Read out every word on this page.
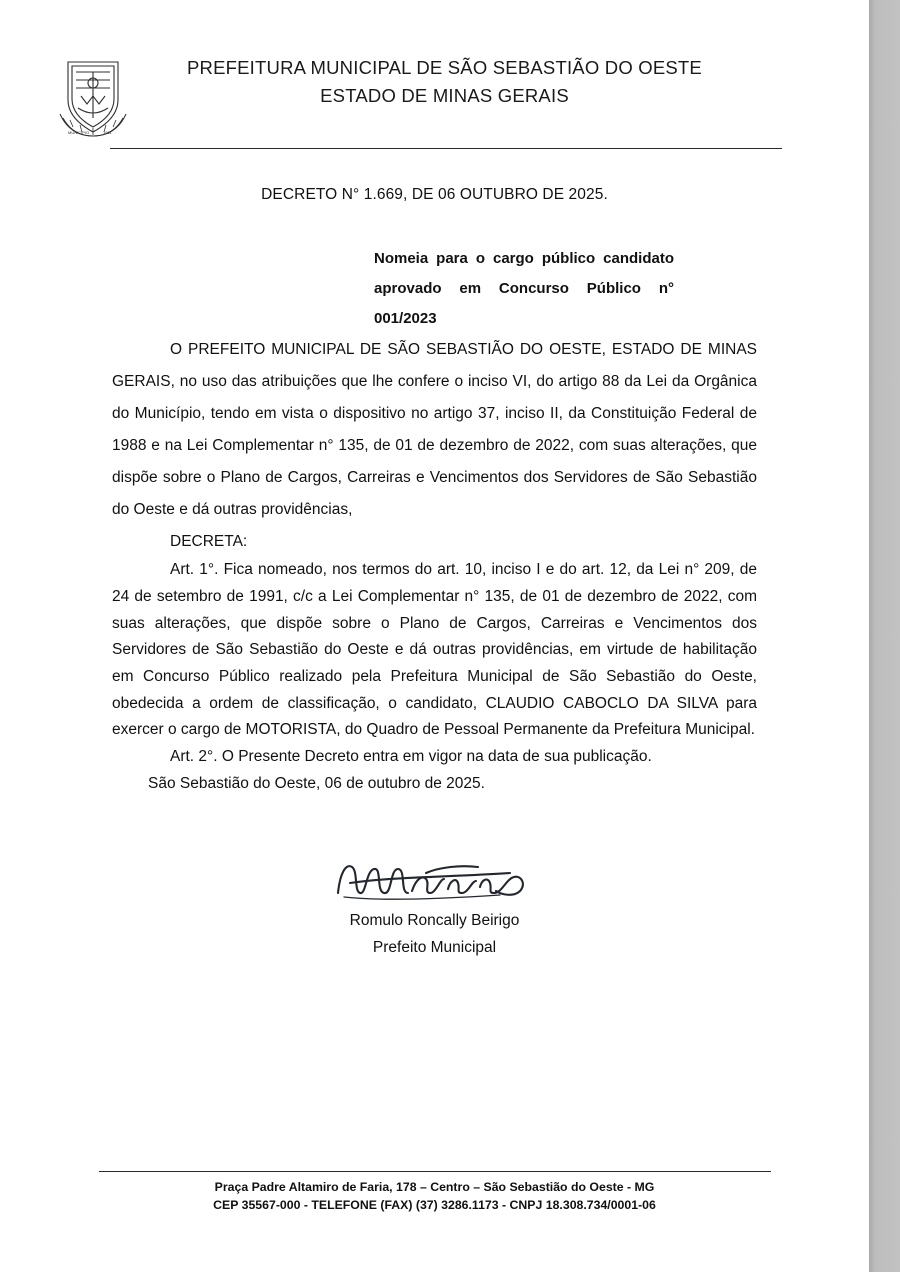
MUNICIPIO	1911
PREFEITURA MUNICIPAL DE SÃO SEBASTIÃO DO OESTE
ESTADO DE MINAS GERAIS
DECRETO N° 1.669, DE 06 OUTUBRO DE 2025.
Nomeia para o cargo público candidato aprovado em Concurso Público n° 001/2023

O PREFEITO MUNICIPAL DE SÃO SEBASTIÃO DO OESTE, ESTADO DE MINAS GERAIS, no uso das atribuições que lhe confere o inciso VI, do artigo 88 da Lei da Orgânica do Município, tendo em vista o dispositivo no artigo 37, inciso II, da Constituição Federal de 1988 e na Lei Complementar n° 135, de 01 de dezembro de 2022, com suas alterações, que dispõe sobre o Plano de Cargos, Carreiras e Vencimentos dos Servidores de São Sebastião do Oeste e dá outras providências,

DECRETA:

Art. 1°. Fica nomeado, nos termos do art. 10, inciso I e do art. 12, da Lei n° 209, de 24 de setembro de 1991, c/c a Lei Complementar n° 135, de 01 de dezembro de 2022, com suas alterações, que dispõe sobre o Plano de Cargos, Carreiras e Vencimentos dos Servidores de São Sebastião do Oeste e dá outras providências, em virtude de habilitação em Concurso Público realizado pela Prefeitura Municipal de São Sebastião do Oeste, obedecida a ordem de classificação, o candidato, CLAUDIO CABOCLO DA SILVA para exercer o cargo de MOTORISTA, do Quadro de Pessoal Permanente da Prefeitura Municipal.

Art. 2°. O Presente Decreto entra em vigor na data de sua publicação.

São Sebastião do Oeste, 06 de outubro de 2025.

Romulo Roncally Beirigo
Prefeito Municipal
Praça Padre Altamiro de Faria, 178 – Centro – São Sebastião do Oeste - MG
CEP 35567-000 - TELEFONE (FAX) (37) 3286.1173 - CNPJ 18.308.734/0001-06
